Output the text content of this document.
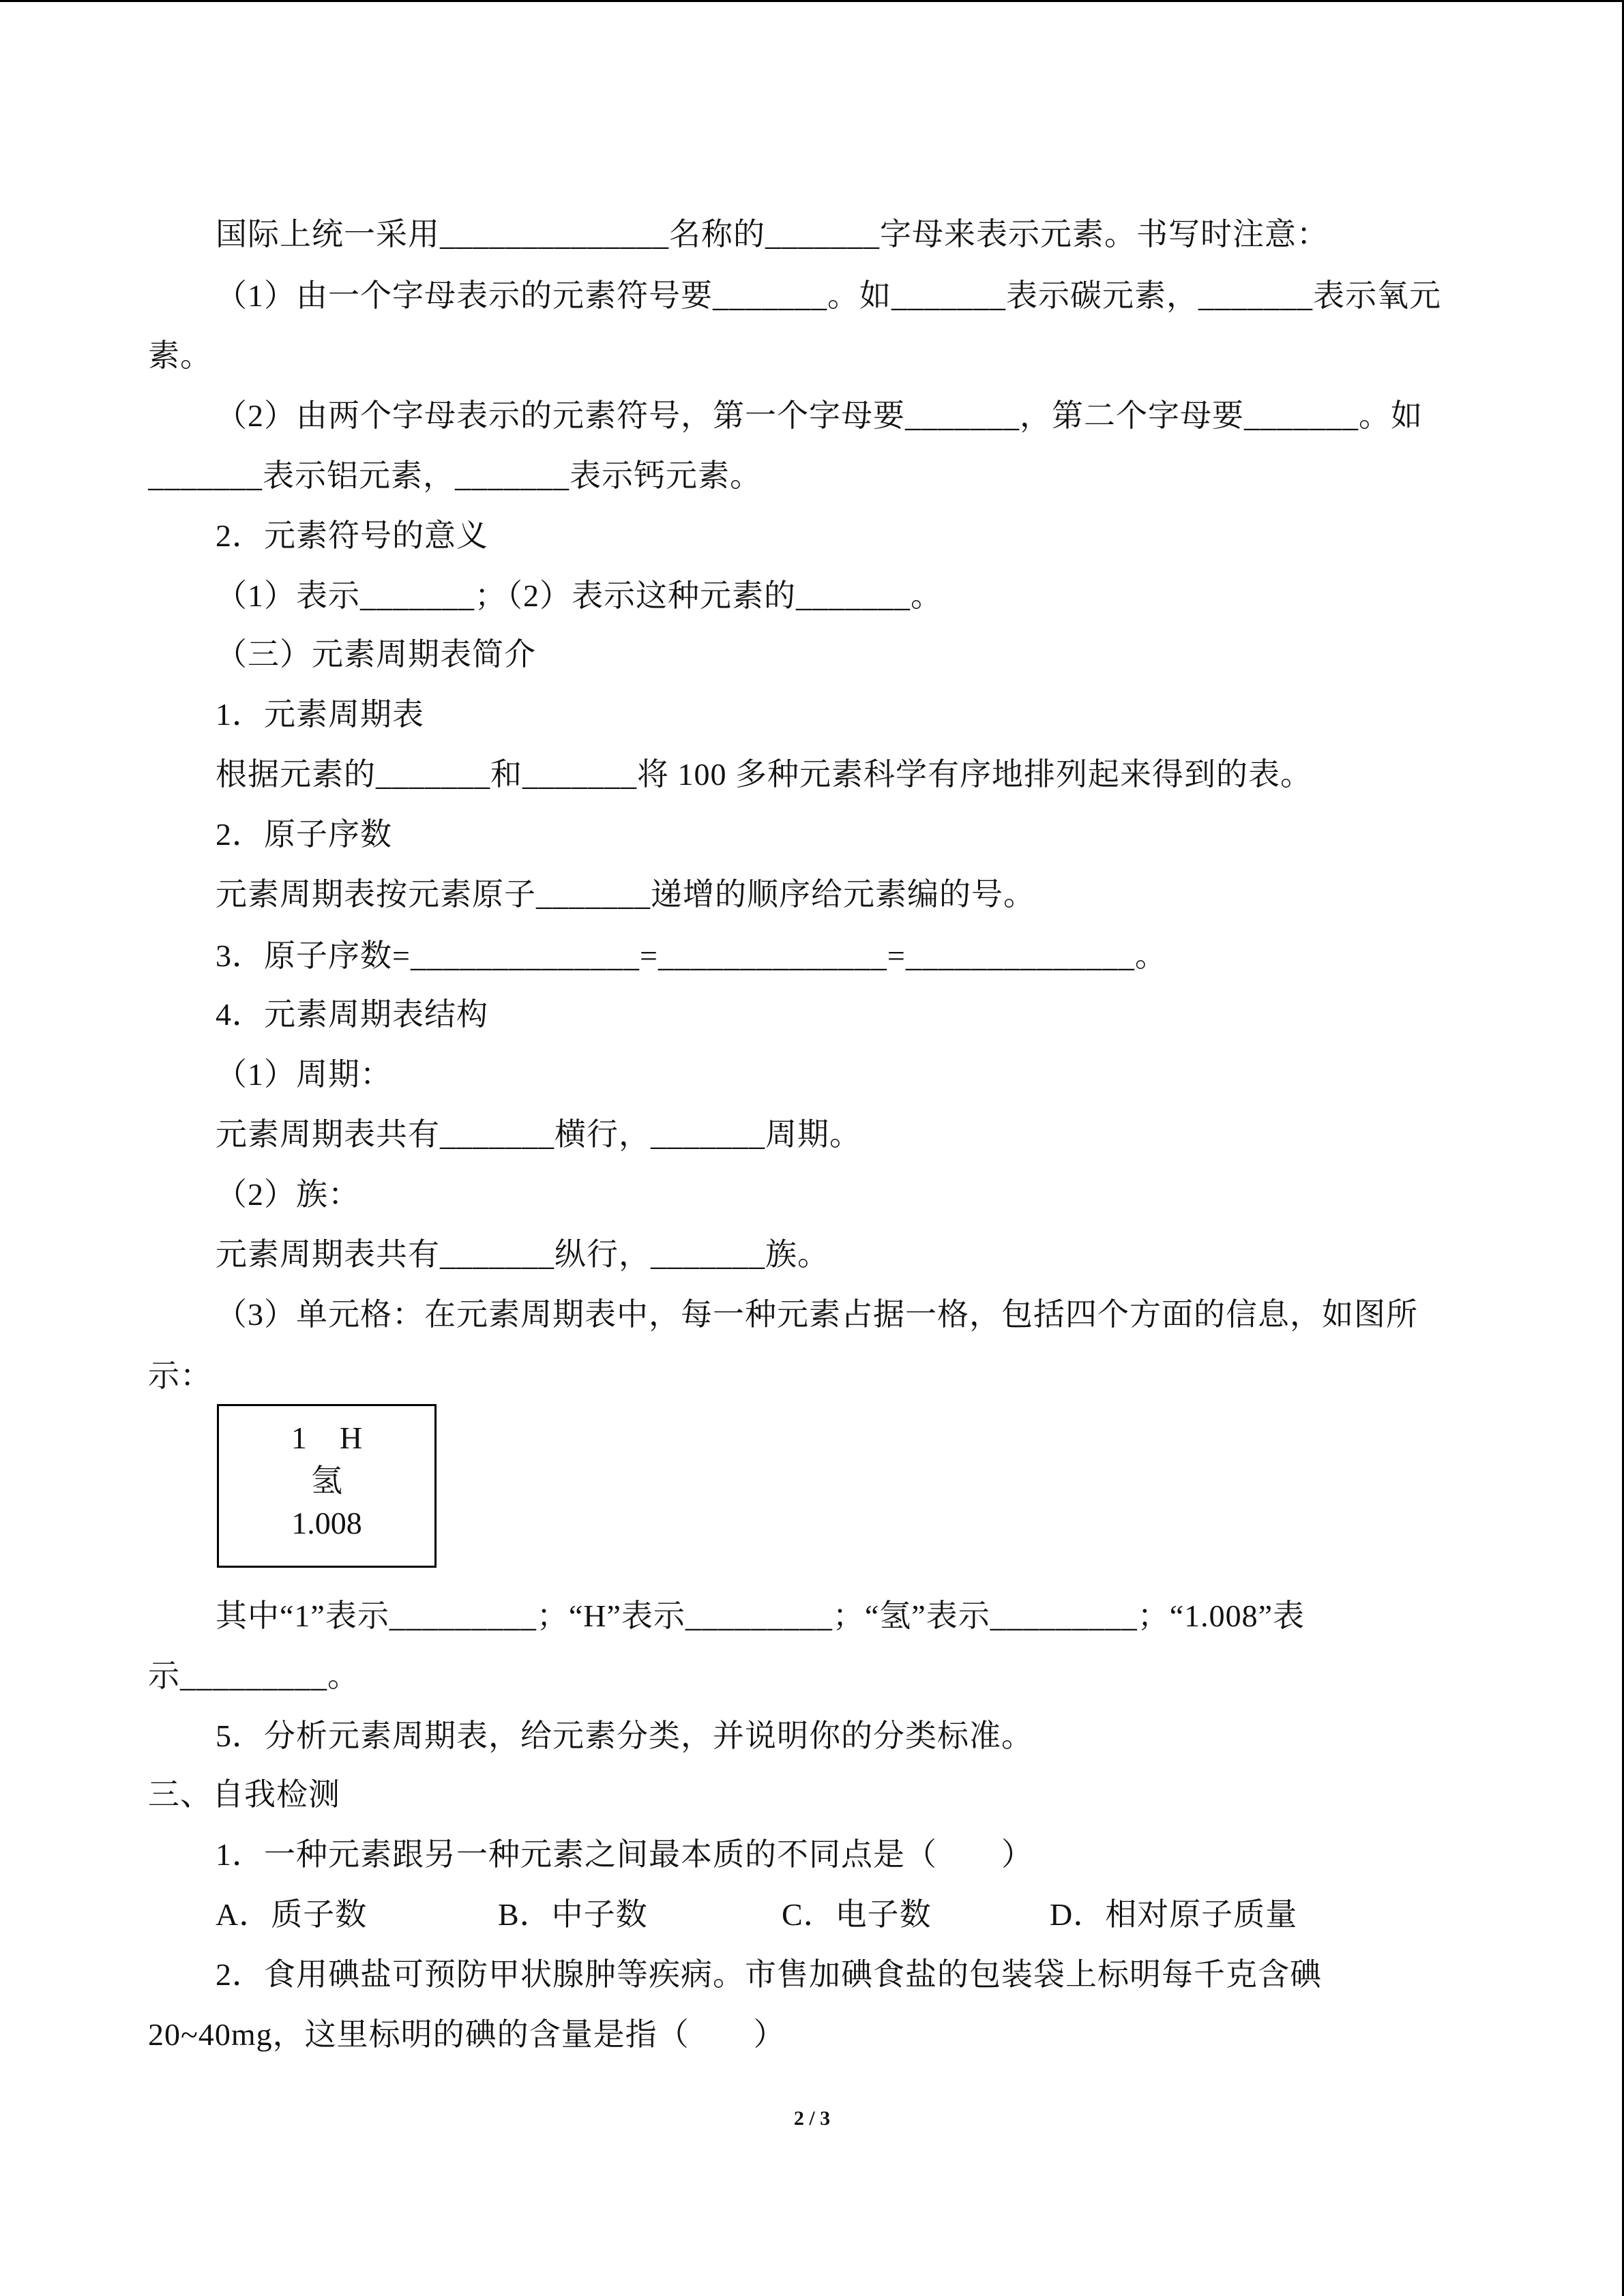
国际上统一采用______________名称的_______字母来表示元素。书写时注意：
（1）由一个字母表示的元素符号要_______。如_______表示碳元素，_______表示氧元
素。
（2）由两个字母表示的元素符号，第一个字母要_______，第二个字母要_______。如
_______表示铝元素，_______表示钙元素。
2．元素符号的意义
（1）表示_______；（2）表示这种元素的_______。
（三）元素周期表简介
1．元素周期表
根据元素的_______和_______将 100 多种元素科学有序地排列起来得到的表。
2．原子序数
元素周期表按元素原子_______递增的顺序给元素编的号。
3．原子序数=______________=______________=______________。
4．元素周期表结构
（1）周期：
元素周期表共有_______横行，_______周期。
（2）族：
元素周期表共有_______纵行，_______族。
（3）单元格：在元素周期表中，每一种元素占据一格，包括四个方面的信息，如图所
示：
1 H
氢
1.008
其中“1”表示_________；“H”表示_________；“氢”表示_________；“1.008”表
示_________。
5．分析元素周期表，给元素分类，并说明你的分类标准。
三、自我检测
1．一种元素跟另一种元素之间最本质的不同点是（　　）
A．质子数	B．中子数	C．电子数	D．相对原子质量
2．食用碘盐可预防甲状腺肿等疾病。市售加碘食盐的包装袋上标明每千克含碘
20~40mg，这里标明的碘的含量是指（　　）
2 / 3
